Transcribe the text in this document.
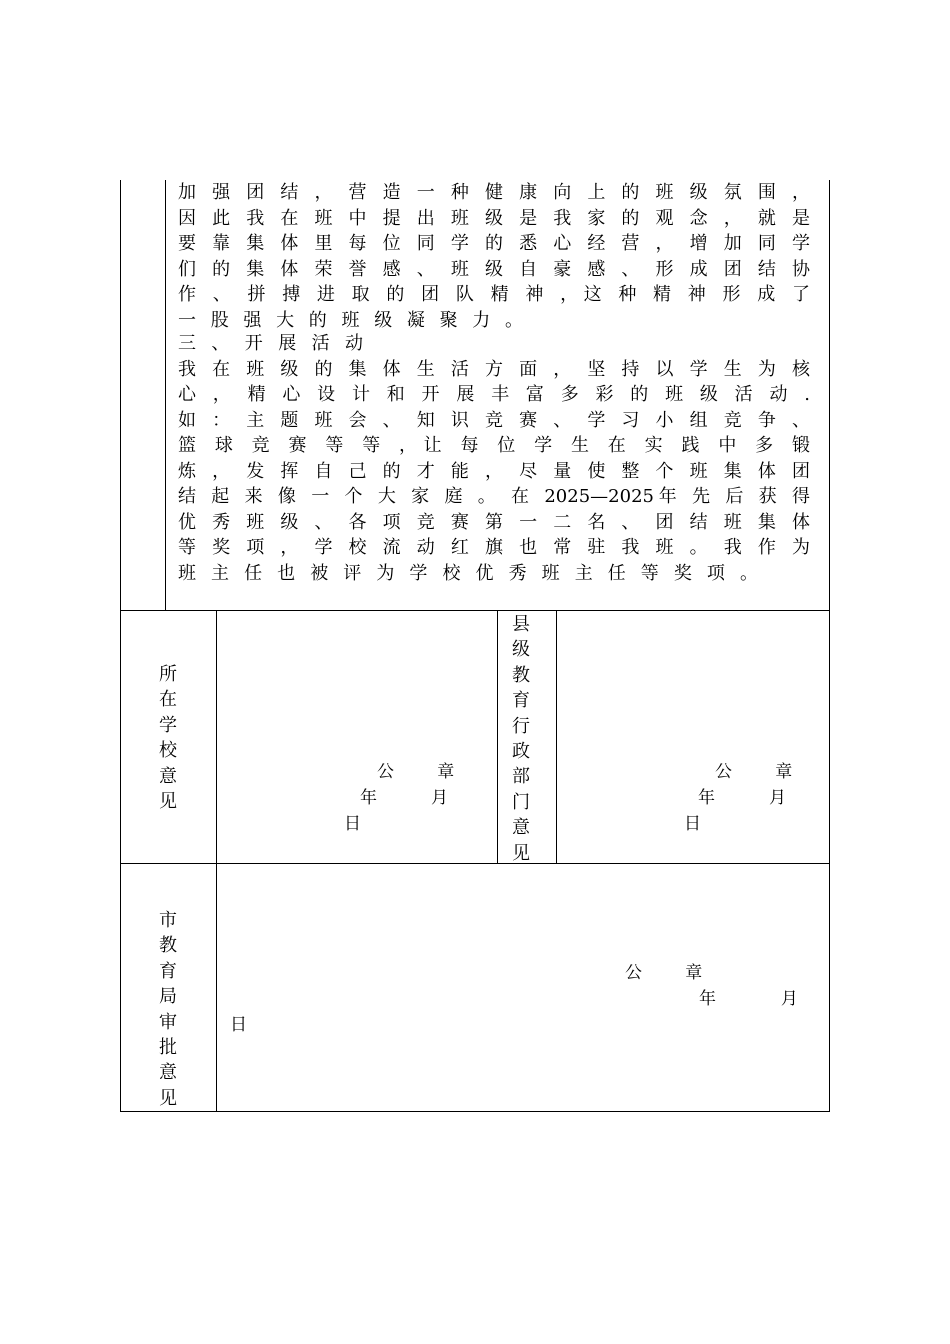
加 强 团 结 ， 营 造 一 种 健 康 向 上 的 班 级 氛 围 ，
因 此 我 在 班 中 提 出 班 级 是 我 家 的 观 念 ， 就 是
要 靠 集 体 里 每 位 同 学 的 悉 心 经 营 ， 增 加 同 学
们 的 集 体 荣 誉 感 、 班 级 自 豪 感 、 形 成 团 结 协
作 、 拼 搏 进 取 的 团 队 精 神 ，这 种 精 神 形 成 了
一 股 强 大 的 班 级 凝 聚 力 。
三 、 开 展 活 动
我 在 班 级 的 集 体 生 活 方 面 ， 坚 持 以 学 生 为 核
心 ， 精 心 设 计 和 开 展 丰 富 多 彩 的 班 级 活 动 .
如 ： 主 题 班 会 、 知 识 竞 赛 、 学 习 小 组 竞 争 、
篮 球 竞 赛 等 等 ，让 每 位 学 生 在 实 践 中 多 锻
炼 ， 发 挥 自 己 的 才 能 ， 尽 量 使 整 个 班 集 体 团
结 起 来 像 一 个 大 家 庭 。 在 2025—2025年 先 后 获 得
优 秀 班 级 、 各 项 竞 赛 第 一 二 名 、 团 结 班 集 体
等 奖 项 ， 学 校 流 动 红 旗 也 常 驻 我 班 。 我 作 为
班 主 任 也 被 评 为 学 校 优 秀 班 主 任 等 奖 项 。
所在学校意见
公        章
年          月
日
县级教育行政部门意见
公        章
年          月
日
市教育局审批意见
公        章
年            月
日
